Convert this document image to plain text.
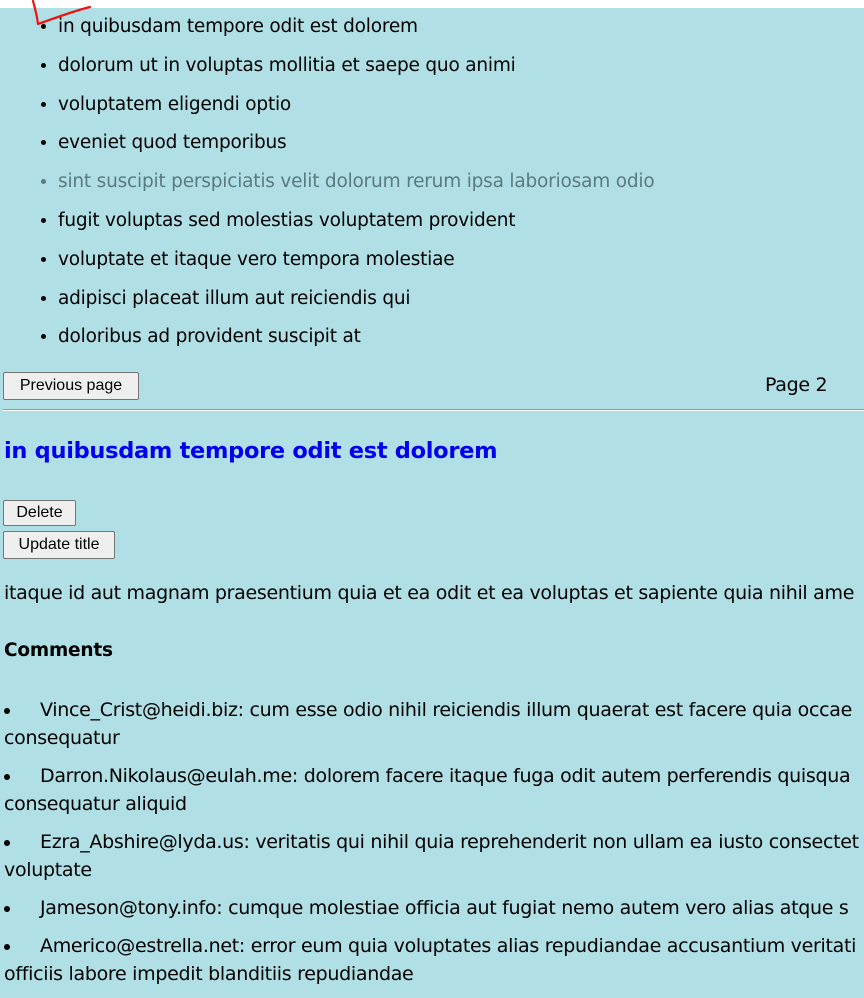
• in quibusdam tempore odit est dolorem
• dolorum ut in voluptas mollitia et saepe quo animi
• voluptatem eligendi optio
• eveniet quod temporibus
• sint suscipit perspiciatis velit dolorum rerum ipsa laboriosam odio
• fugit voluptas sed molestias voluptatem provident
• voluptate et itaque vero tempora molestiae
• adipisci placeat illum aut reiciendis qui
• doloribus ad provident suscipit at
Previous page	Page 2
in quibusdam tempore odit est dolorem
Delete
Update title

itaque id aut magnam praesentium quia et ea odit et ea voluptas et sapiente quia nihil ame

Comments
• Vince_Crist@heidi.biz: cum esse odio nihil reiciendis illum quaerat est facere quia occae
consequatur
• Darron.Nikolaus@eulah.me: dolorem facere itaque fuga odit autem perferendis quisqua
consequatur aliquid
• Ezra_Abshire@lyda.us: veritatis qui nihil quia reprehenderit non ullam ea iusto consectet
voluptate
• Jameson@tony.info: cumque molestiae officia aut fugiat nemo autem vero alias atque s
• Americo@estrella.net: error eum quia voluptates alias repudiandae accusantium veritati
officiis labore impedit blanditiis repudiandae
